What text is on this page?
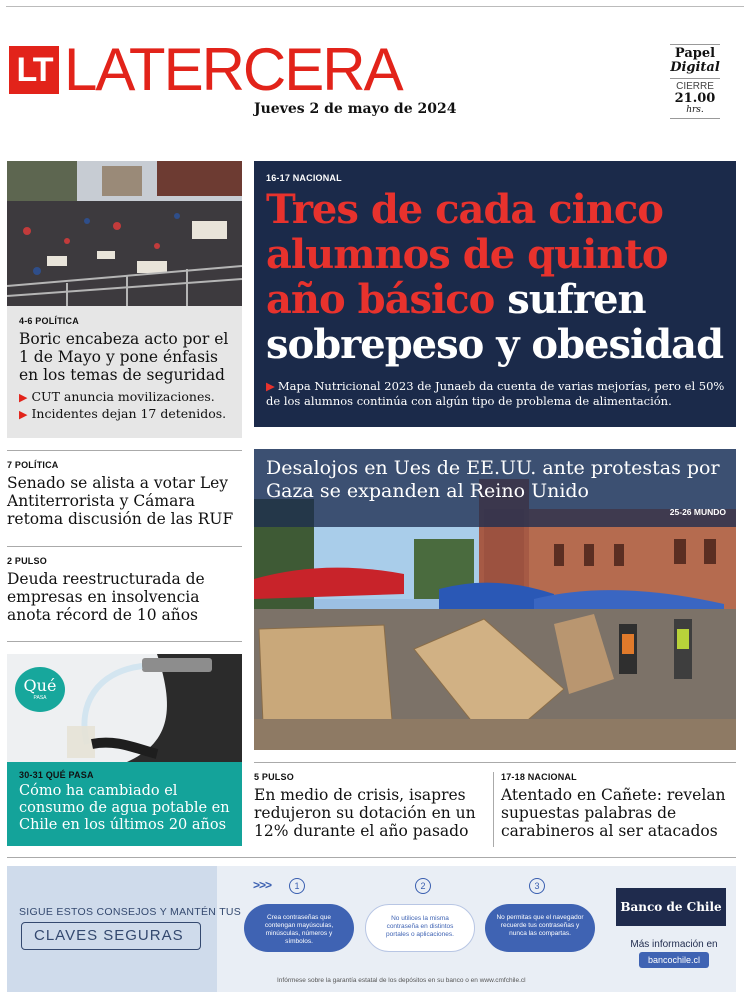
LT LATERCERA
Jueves 2 de mayo de 2024
Papel
Digital
CIERRE
21.00
hrs.
4-6 POLÍTICA
Boric encabeza acto por el 1 de Mayo y pone énfasis en los temas de seguridad
▶ CUT anuncia movilizaciones.
▶ Incidentes dejan 17 detenidos.
7 POLÍTICA
Senado se alista a votar Ley Antiterrorista y Cámara retoma discusión de las RUF
2 PULSO
Deuda reestructurada de empresas en insolvencia anota récord de 10 años
Qué
PASA
30-31 QUÉ PASA
Cómo ha cambiado el consumo de agua potable en Chile en los últimos 20 años
16-17 NACIONAL
Tres de cada cinco alumnos de quinto año básico sufren sobrepeso y obesidad
▶ Mapa Nutricional 2023 de Junaeb da cuenta de varias mejorías, pero el 50% de los alumnos continúa con algún tipo de problema de alimentación.
Desalojos en Ues de EE.UU. ante protestas por Gaza se expanden al Reino Unido
25-26 MUNDO
5 PULSO
En medio de crisis, isapres redujeron su dotación en un 12% durante el año pasado
17-18 NACIONAL
Atentado en Cañete: revelan supuestas palabras de carabineros al ser atacados
SIGUE ESTOS CONSEJOS Y MANTÉN TUS
CLAVES SEGURAS
>>>	1
Crea contraseñas que contengan mayúsculas, minúsculas, números y símbolos.
2
No utilices la misma contraseña en distintos portales o aplicaciones.
3
No permitas que el navegador recuerde tus contraseñas y nunca las compartas.
Banco de Chile
Más información en
bancochile.cl
Infórmese sobre la garantía estatal de los depósitos en su banco o en www.cmfchile.cl
